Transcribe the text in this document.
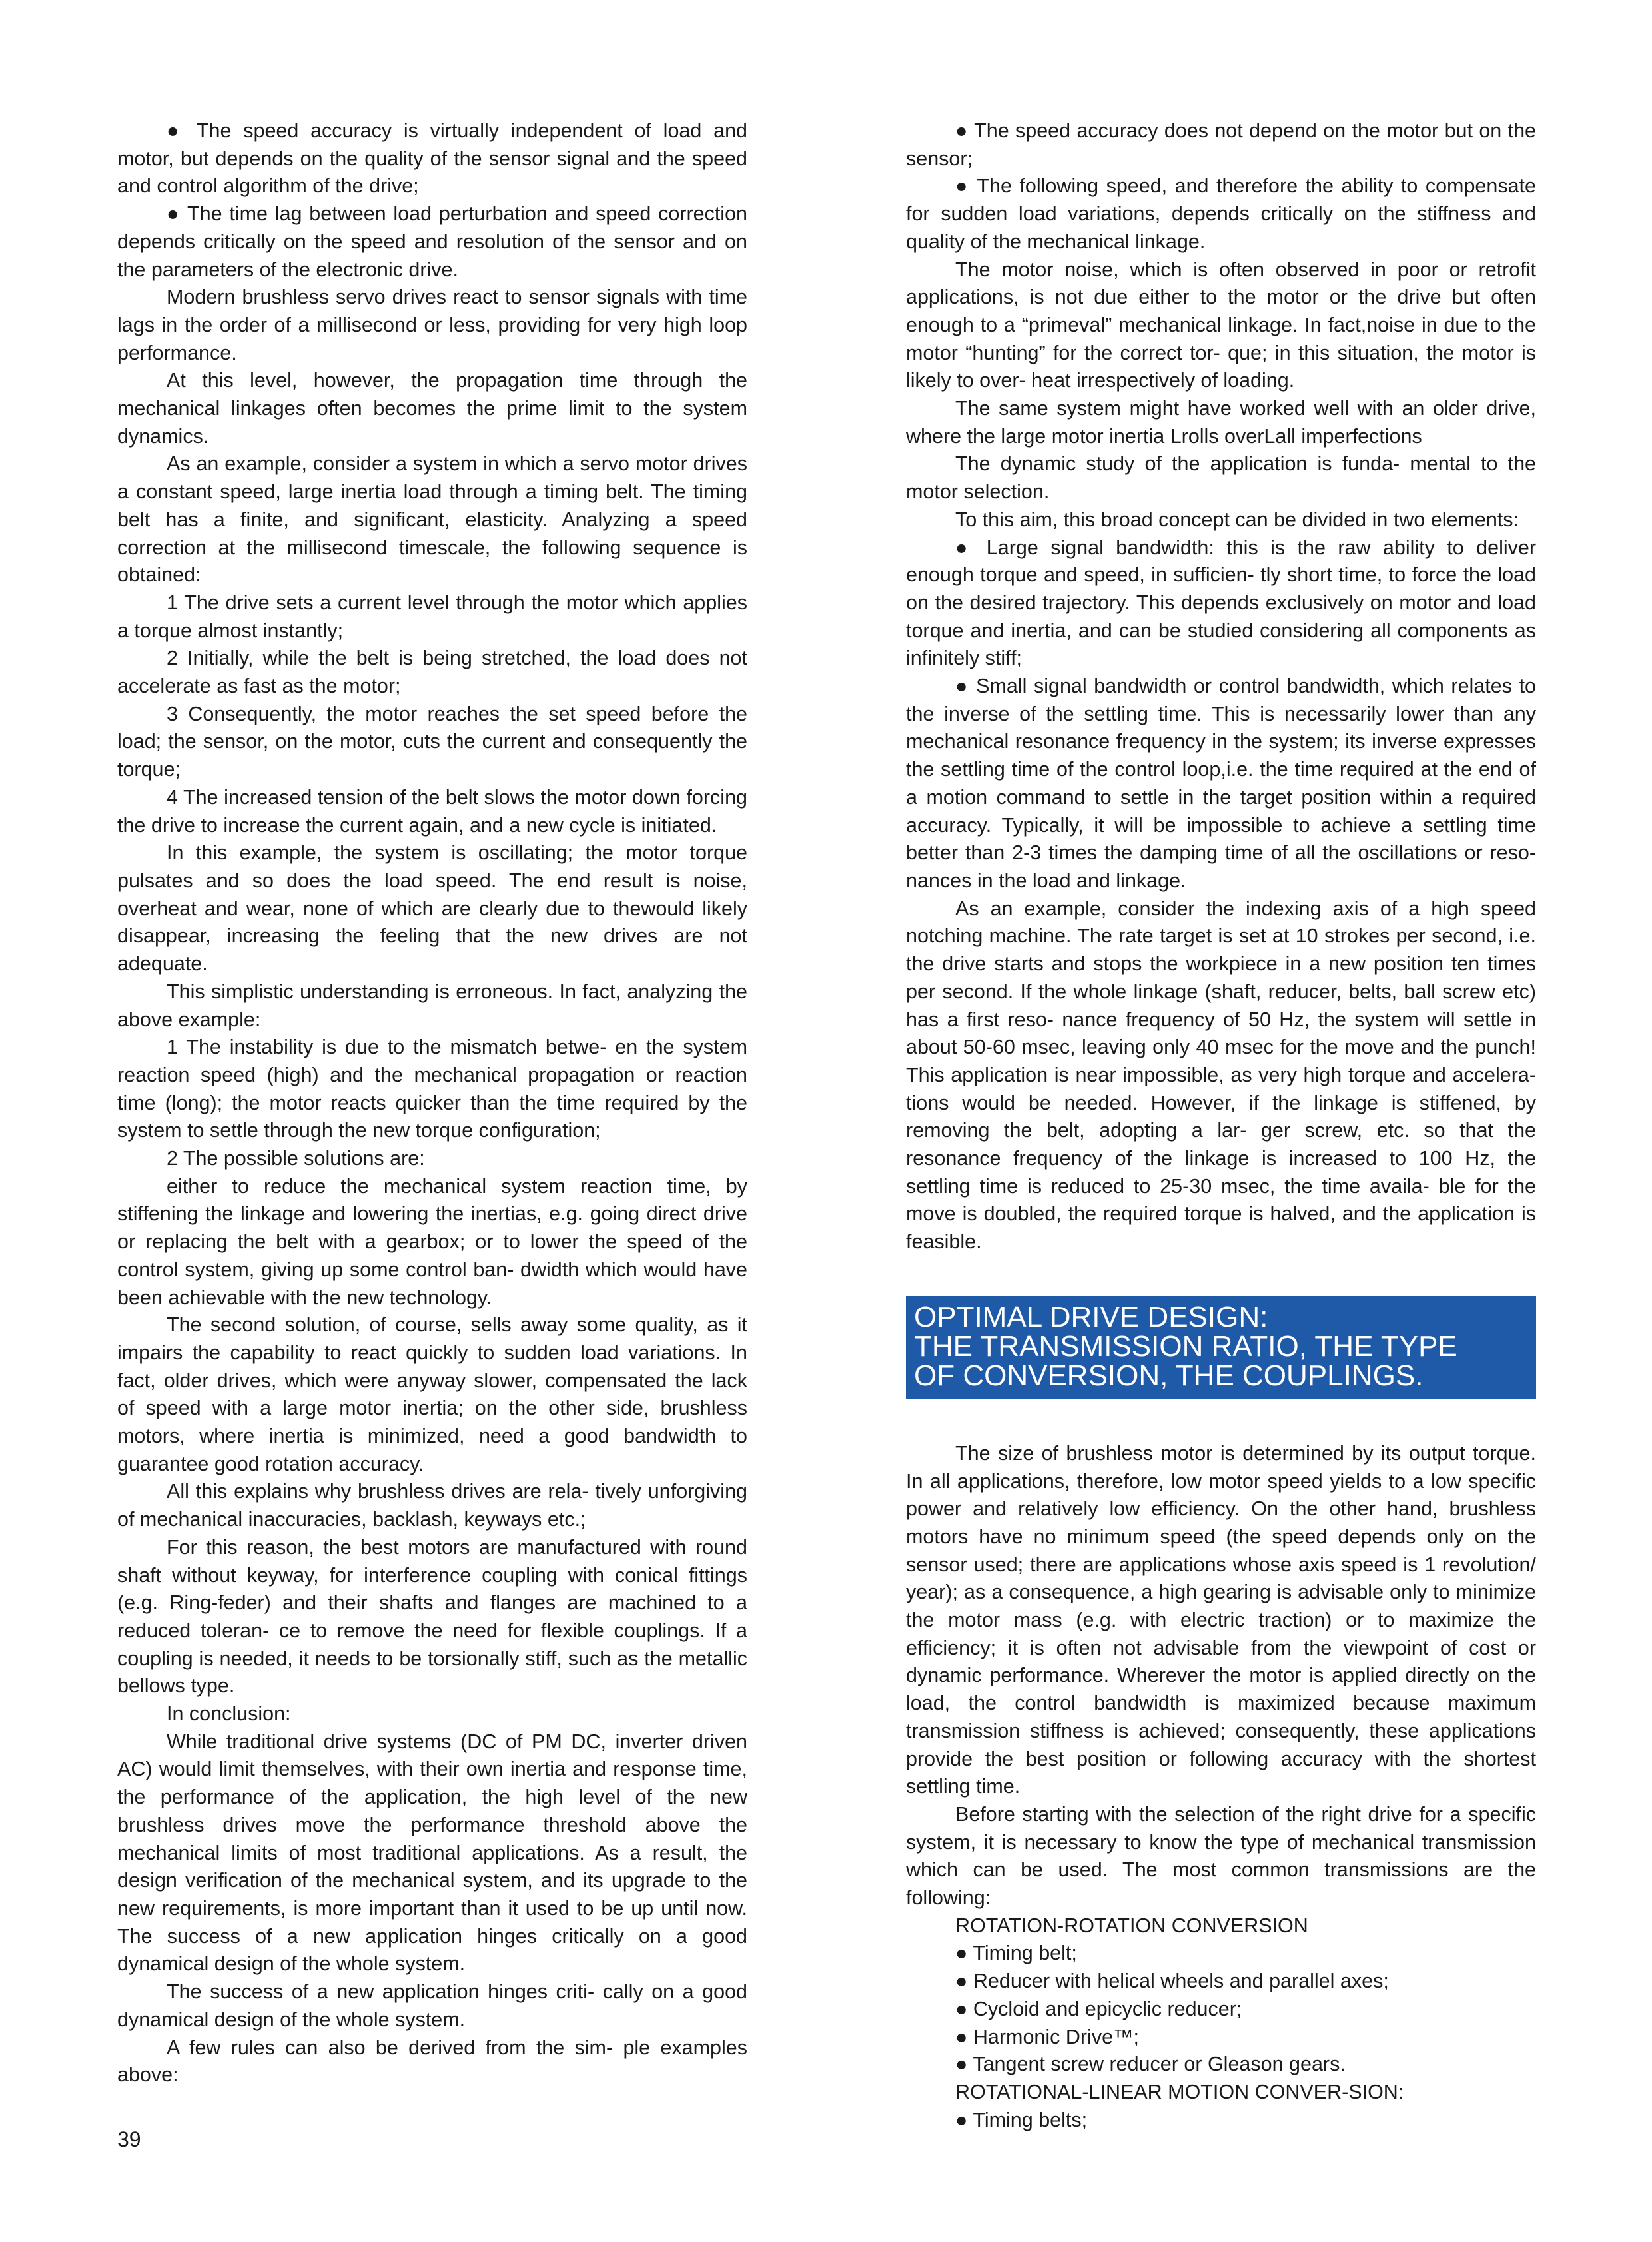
● The speed accuracy is virtually independent of load and motor, but depends on the quality of the sensor signal and the speed and control algorithm of the drive;

● The time lag between load perturbation and speed correction depends critically on the speed and resolution of the sensor and on the parameters of the electronic drive.

Modern brushless servo drives react to sensor signals with time lags in the order of a millisecond or less, providing for very high loop performance.

At this level, however, the propagation time through the mechanical linkages often becomes the prime limit to the system dynamics.

As an example, consider a system in which a servo motor drives a constant speed, large inertia load through a timing belt. The timing belt has a finite, and significant, elasticity. Analyzing a speed correction at the millisecond timescale, the following sequence is obtained:

1 The drive sets a current level through the motor which applies a torque almost instantly;

2 Initially, while the belt is being stretched, the load does not accelerate as fast as the motor;

3 Consequently, the motor reaches the set speed before the load; the sensor, on the motor, cuts the current and consequently the torque;

4 The increased tension of the belt slows the motor down forcing the drive to increase the current again, and a new cycle is initiated.

In this example, the system is oscillating; the motor torque pulsates and so does the load speed. The end result is noise, overheat and wear, none of which are clearly due to thewould likely disappear, increasing the feeling that the new drives are not adequate.

This simplistic understanding is erroneous. In fact, analyzing the above example:

1 The instability is due to the mismatch betwe- en the system reaction speed (high) and the mechanical propagation or reaction time (long); the motor reacts quicker than the time required by the system to settle through the new torque configuration;

2 The possible solutions are:

either to reduce the mechanical system reaction time, by stiffening the linkage and lowering the inertias, e.g. going direct drive or replacing the belt with a gearbox; or to lower the speed of the control system, giving up some control ban- dwidth which would have been achievable with the new technology.

The second solution, of course, sells away some quality, as it impairs the capability to react quickly to sudden load variations. In fact, older drives, which were anyway slower, compensated the lack of speed with a large motor inertia; on the other side, brushless motors, where inertia is minimized, need a good bandwidth to guarantee good rotation accuracy.

All this explains why brushless drives are rela- tively unforgiving of mechanical inaccuracies, backlash, keyways etc.;

For this reason, the best motors are manufactured with round shaft without keyway, for interference coupling with conical fittings (e.g. Ring-feder) and their shafts and flanges are machined to a reduced toleran- ce to remove the need for flexible couplings. If a coupling is needed, it needs to be torsionally stiff, such as the metallic bellows type.

In conclusion:

While traditional drive systems (DC of PM DC, inverter driven AC) would limit themselves, with their own inertia and response time, the performance of the application, the high level of the new brushless drives move the performance threshold above the mechanical limits of most traditional applications. As a result, the design verification of the mechanical system, and its upgrade to the new requirements, is more important than it used to be up until now. The success of a new application hinges critically on a good dynamical design of the whole system.

The success of a new application hinges criti- cally on a good dynamical design of the whole system.

A few rules can also be derived from the sim- ple examples above:

● The speed accuracy does not depend on the motor but on the sensor;

● The following speed, and therefore the ability to compensate for sudden load variations, depends critically on the stiffness and quality of the mechanical linkage.

The motor noise, which is often observed in poor or retrofit applications, is not due either to the motor or the drive but often enough to a “primeval” mechanical linkage. In fact,noise in due to the motor “hunting” for the correct tor- que; in this situation, the motor is likely to over- heat irrespectively of loading.

The same system might have worked well with an older drive, where the large motor inertia Lrolls overLall imperfections

The dynamic study of the application is funda- mental to the motor selection.

To this aim, this broad concept can be divided in two elements:

● Large signal bandwidth: this is the raw ability to deliver enough torque and speed, in sufficien- tly short time, to force the load on the desired trajectory. This depends exclusively on motor and load torque and inertia, and can be studied considering all components as infinitely stiff;

● Small signal bandwidth or control bandwidth, which relates to the inverse of the settling time. This is necessarily lower than any mechanical resonance frequency in the system; its inverse expresses the settling time of the control loop,i.e. the time required at the end of a motion command to settle in the target position within a required accuracy. Typically, it will be impossible to achieve a settling time better than 2-3 times the damping time of all the oscillations or reso- nances in the load and linkage.

As an example, consider the indexing axis of a high speed notching machine. The rate target is set at 10 strokes per second, i.e. the drive starts and stops the workpiece in a new position ten times per second. If the whole linkage (shaft, reducer, belts, ball screw etc) has a first reso- nance frequency of 50 Hz, the system will settle in about 50-60 msec, leaving only 40 msec for the move and the punch! This application is near impossible, as very high torque and accelera- tions would be needed. However, if the linkage is stiffened, by removing the belt, adopting a lar- ger screw, etc. so that the resonance frequency of the linkage is increased to 100 Hz, the settling time is reduced to 25-30 msec, the time availa- ble for the move is doubled, the required torque is halved, and the application is feasible.

OPTIMAL DRIVE DESIGN:
THE TRANSMISSION RATIO, THE TYPE
OF CONVERSION, THE COUPLINGS.

The size of brushless motor is determined by its output torque. In all applications, therefore, low motor speed yields to a low specific power and relatively low efficiency. On the other hand, brushless motors have no minimum speed (the speed depends only on the sensor used; there are applications whose axis speed is 1 revolution/ year); as a consequence, a high gearing is advisable only to minimize the motor mass (e.g. with electric traction) or to maximize the efficiency; it is often not advisable from the viewpoint of cost or dynamic performance. Wherever the motor is applied directly on the load, the control bandwidth is maximized because maximum transmission stiffness is achieved; consequently, these applications provide the best position or following accuracy with the shortest settling time.

Before starting with the selection of the right drive for a specific system, it is necessary to know the type of mechanical transmission which can be used. The most common transmissions are the following:

ROTATION-ROTATION CONVERSION

● Timing belt;

● Reducer with helical wheels and parallel axes;

● Cycloid and epicyclic reducer;

● Harmonic Drive™;

● Tangent screw reducer or Gleason gears.

ROTATIONAL-LINEAR MOTION CONVER-SION:

● Timing belts;

39
